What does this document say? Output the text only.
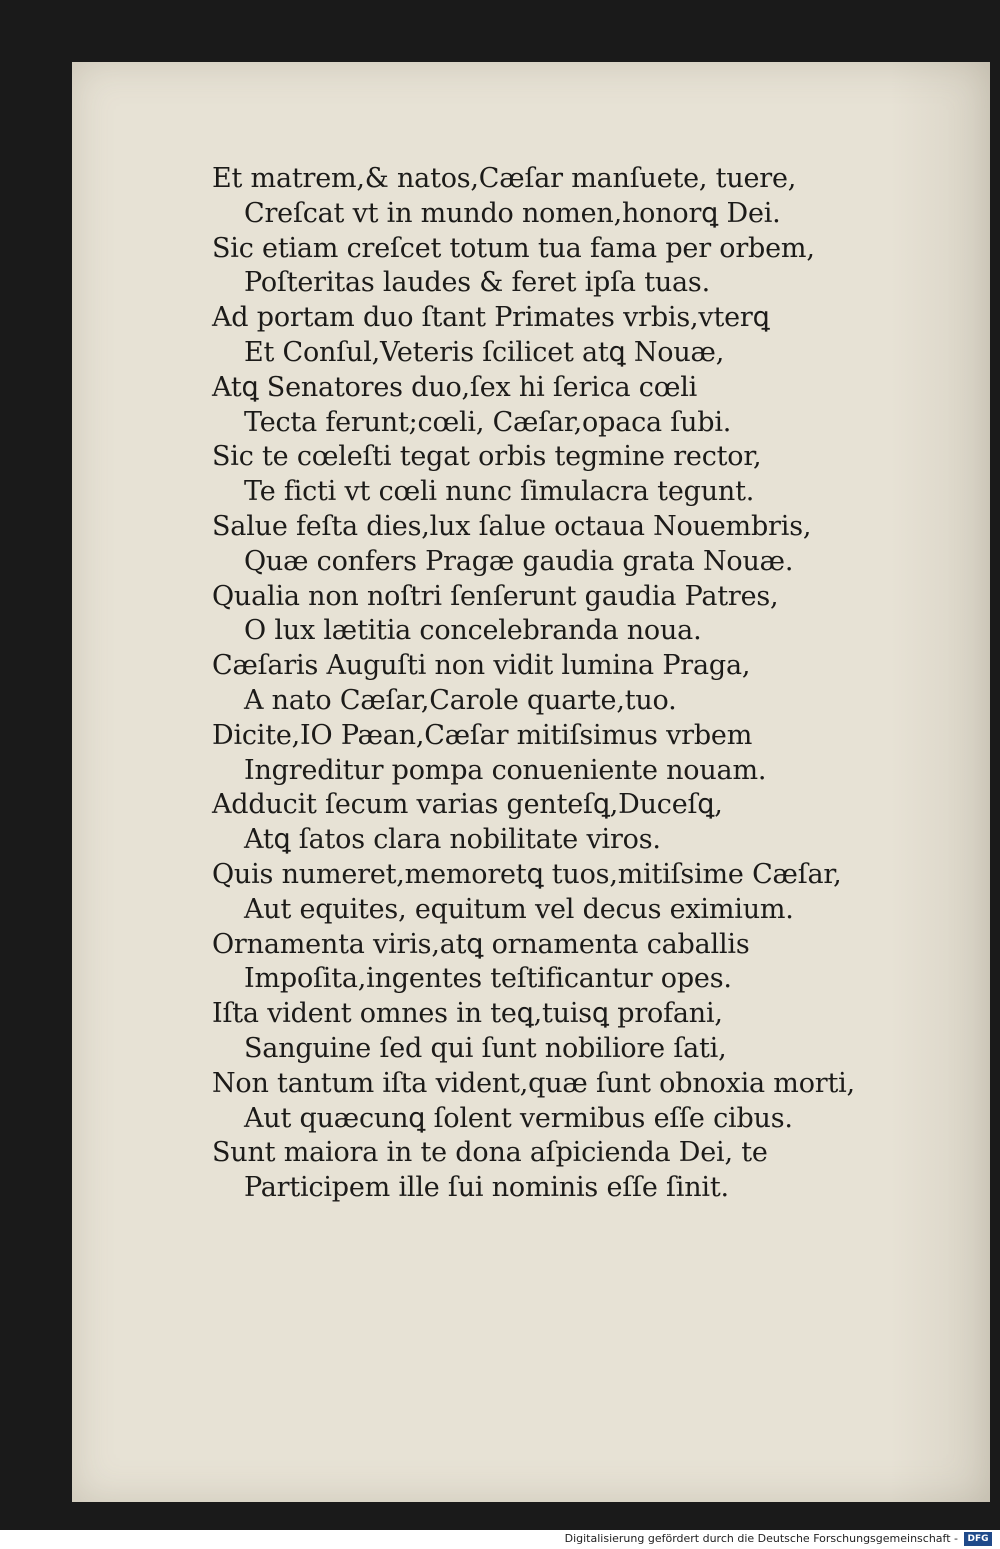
Et matrem,& natos,Cæſar manſuete, tuere,
Creſcat vt in mundo nomen,honorꝗ Dei.
Sic etiam creſcet totum tua fama per orbem,
Poſteritas laudes & feret ipſa tuas.
Ad portam duo ſtant Primates vrbis,vterꝗ
Et Conſul,Veteris ſcilicet atꝗ Nouæ,
Atꝗ Senatores duo,ſex hi ſerica cœli
Tecta ferunt;cœli, Cæſar,opaca ſubi.
Sic te cœleſti tegat orbis tegmine rector,
Te ficti vt cœli nunc ſimulacra tegunt.
Salue feſta dies,lux ſalue octaua Nouembris,
Quæ confers Pragæ gaudia grata Nouæ.
Qualia non noſtri ſenſerunt gaudia Patres,
O lux lætitia concelebranda noua.
Cæſaris Auguſti non vidit lumina Praga,
A nato Cæſar,Carole quarte,tuo.
Dicite,IO Pæan,Cæſar mitiſsimus vrbem
Ingreditur pompa conueniente nouam.
Adducit ſecum varias genteſꝗ,Duceſꝗ,
Atꝗ ſatos clara nobilitate viros.
Quis numeret,memoretꝗ tuos,mitiſsime Cæſar,
Aut equites, equitum vel decus eximium.
Ornamenta viris,atꝗ ornamenta caballis
Impoſita,ingentes teſtificantur opes.
Iſta vident omnes in teꝗ,tuisꝗ profani,
Sanguine ſed qui ſunt nobiliore ſati,
Non tantum iſta vident,quæ ſunt obnoxia morti,
Aut quæcunꝗ ſolent vermibus eſſe cibus.
Sunt maiora in te dona aſpicienda Dei, te
Participem ille ſui nominis eſſe ſinit.
Digitalisierung gefördert durch die Deutsche Forschungsgemeinschaft -	DFG
